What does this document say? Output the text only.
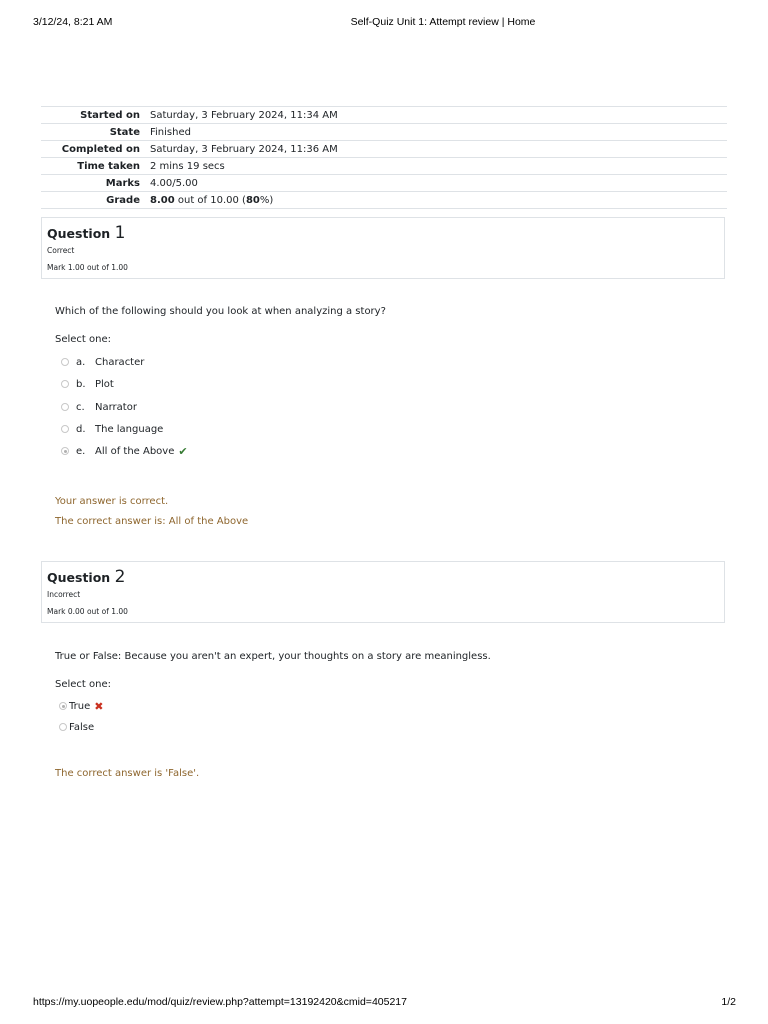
3/12/24, 8:21 AM	Self-Quiz Unit 1: Attempt review | Home
Started on	Saturday, 3 February 2024, 11:34 AM
State	Finished
Completed on	Saturday, 3 February 2024, 11:36 AM
Time taken	2 mins 19 secs
Marks	4.00/5.00
Grade	8.00 out of 10.00 (80%)
Question 1
Correct
Mark 1.00 out of 1.00
Which of the following should you look at when analyzing a story?
Select one:
a. Character
b. Plot
c.	Narrator
d. The language
e. All of the Above ✔
Your answer is correct.
The correct answer is: All of the Above
Question 2
Incorrect
Mark 0.00 out of 1.00
True or False: Because you aren't an expert, your thoughts on a story are meaningless.
Select one:
True ✖
False
The correct answer is 'False'.
https://my.uopeople.edu/mod/quiz/review.php?attempt=13192420&cmid=405217	1/2
